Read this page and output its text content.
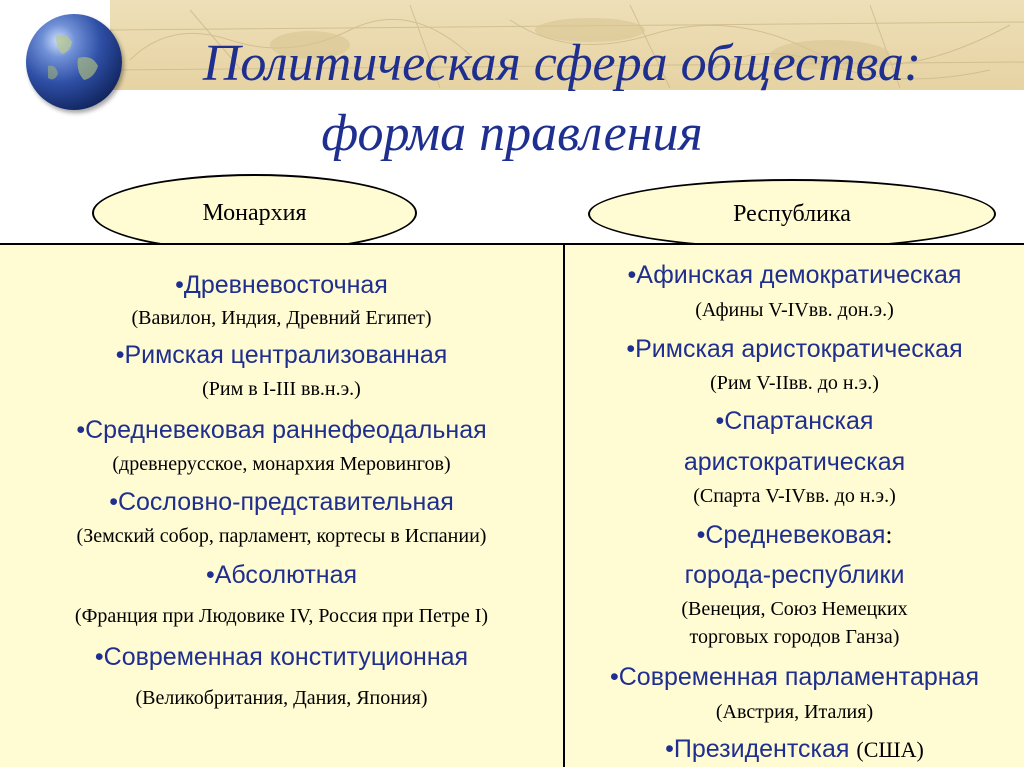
Политическая сфера общества:
форма правления
Монархия	Республика
•Древневосточная
(Вавилон, Индия, Древний Египет)
•Римская централизованная
(Рим в I-III вв.н.э.)
•Средневековая раннефеодальная
(древнерусское, монархия Меровингов)
•Сословно-представительная
(Земский собор, парламент, кортесы в Испании)
•Абсолютная
(Франция при Людовике IV, Россия при Петре I)
•Современная конституционная
(Великобритания, Дания, Япония)
•Афинская демократическая
(Афины V-IVвв. дон.э.)
•Римская аристократическая
(Рим V-IIвв. до н.э.)
•Спартанская
аристократическая
(Спарта V-IVвв. до н.э.)
•Средневековая:
города-республики
(Венеция, Союз Немецких
торговых городов Ганза)
•Современная парламентарная
(Австрия, Италия)
•Президентская (США)
